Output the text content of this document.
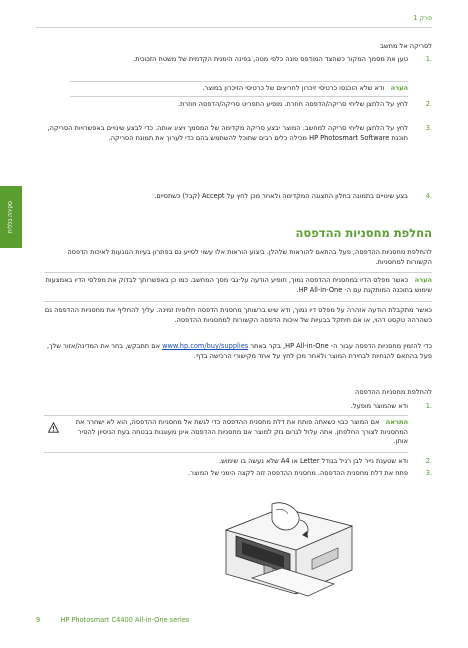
פרק 1
סקירה כללית
לסריקה אל מחשב
1.
טען את מסמך המקור כשהצד המודפס פונה כלפי מטה, בפינה הימנית הקדמית של משטח הזכוכית.
הערה   ודא שלא הוכנסו כרטיסי זיכרון לחריצים של כרטיסי הזיכרון במוצר.
2.
לחץ על הלחצן שליחי סריקה/הדפסה חוזרת. מופיע התפריט סריקה/הדפסה חוזרת.
3.
לחץ על הלחצן שליחי סריקה למחשב. המוצר יבצע סריקה מקדימה של המסמך ויציג אותה. כדי לבצע שינויים באפשרויות הסריקה, תוכנת HP Photosmart Software מכילה כלים רבים שתוכל להשתמש בהם כדי לערוך את תמונת הסריקה.
4.
בצע שינויים בתמונה בחלון התצוגה המקדימה ולאחר מכן לחץ על Accept (קבל) כשתסיים.
החלפת מחסניות ההדפסה
להחלפת מחסניות ההדפסה, פעל בהתאם להוראות שלהלן. ביצוע הוראות אלו עשוי לסייע גם בפתרון בעיות הנוגעות לאיכות הדפסה הקשורות למחסניות.
הערה   כאשר מפלס הדיו במחסנית ההדפסה נמוך, תופיע הודעה על-גבי מסך המחשב. כמו כן באפשרותך לבדוק את מפלסי הדיו באמצעות שימוש בתוכנה המותקנת עם ה- HP All-in-One.
כאשר מתקבלת הודעה אזהרה על מפלס דיו נמוך, ודא שיש ברשותך מחסנית הדפסה חלופית זמינה. עליך להחליף את מחסניות ההדפסה גם כשהרהה טקסט דהוי, או אם תיתקל בבעיות של איכות הדפסה הקשורות למחסניות ההדפסה.
כדי להזמין מחסניות הדפסה עבור ה- HP All-in-One, בקר באתר www.hp.com/buy/supplies אם תתבקש, בחר את המדינה/אזור שלך, פעל בהתאם להנחיות לבחירת המוצר ולאחר מכן לחץ על אחד מקישורי הרכישה בדף.
להחלפת מחסניות ההדפסה
1.
ודא שהמוצר מופעל.
התראה   אם המוצר כבוי כשאתה פותח את דלת מחסנית ההדפסה כדי לגשת אל מחסניות ההדפסה, הוא לא ישחרר את המחסניות לצורך החלפתן. אתה עלול לגרום נזק למוצר אם מחסניות ההדפסה אינן מעוגנות בבטחה בעת הניסיון להסיר אותן.
2.
ודא שטענת נייר לבן רגיל בגודל Letter או A4 שלא נעשה בו שימוש.
3.
פתח את דלת מחסנית ההדפסה. מחסנית ההדפסה זזה לקצה הימני של המוצר.
9	HP Photosmart C4400 All-in-One series
